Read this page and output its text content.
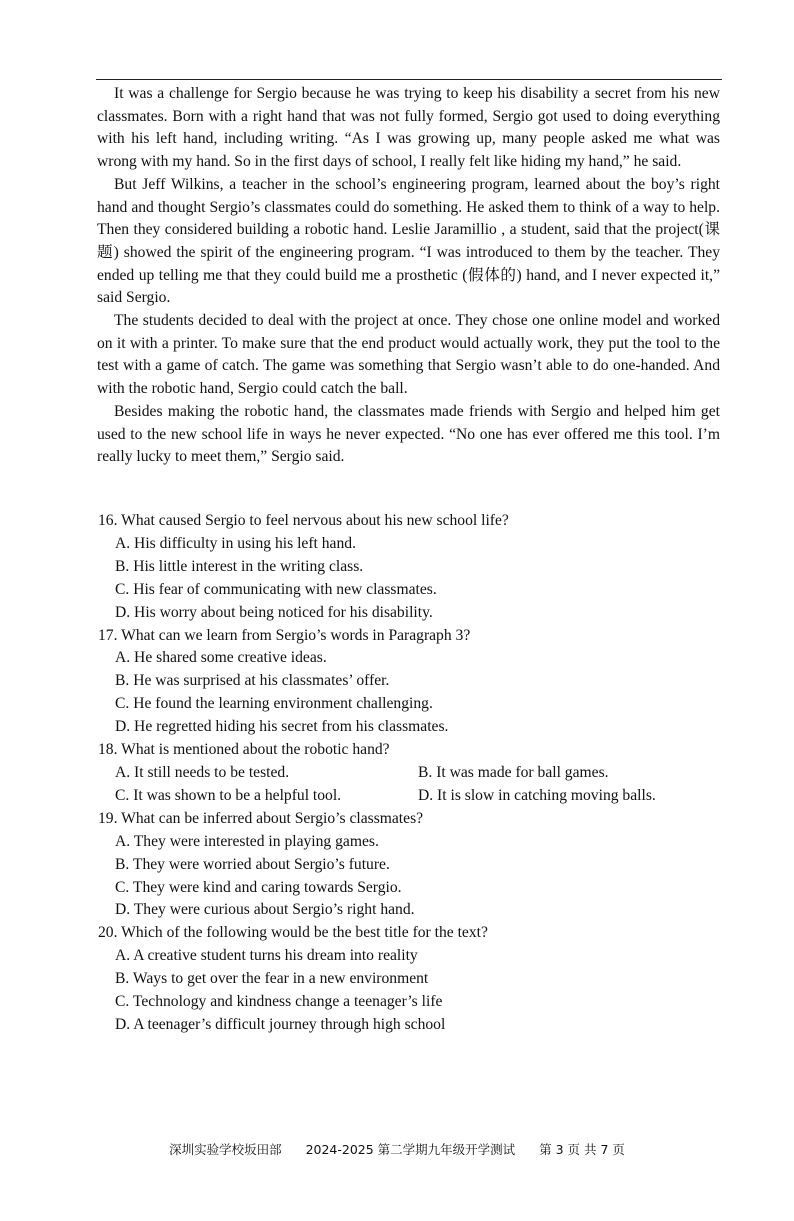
It was a challenge for Sergio because he was trying to keep his disability a secret from his new classmates. Born with a right hand that was not fully formed, Sergio got used to doing everything with his left hand, including writing. “As I was growing up, many people asked me what was wrong with my hand. So in the first days of school, I really felt like hiding my hand,” he said.

But Jeff Wilkins, a teacher in the school’s engineering program, learned about the boy’s right hand and thought Sergio’s classmates could do something. He asked them to think of a way to help. Then they considered building a robotic hand. Leslie Jaramillio , a student, said that the project(课题) showed the spirit of the engineering program. “I was introduced to them by the teacher. They ended up telling me that they could build me a prosthetic (假体的) hand, and I never expected it,” said Sergio.

The students decided to deal with the project at once. They chose one online model and worked on it with a printer. To make sure that the end product would actually work, they put the tool to the test with a game of catch. The game was something that Sergio wasn’t able to do one-handed. And with the robotic hand, Sergio could catch the ball.

Besides making the robotic hand, the classmates made friends with Sergio and helped him get used to the new school life in ways he never expected. “No one has ever offered me this tool. I’m really lucky to meet them,” Sergio said.

16. What caused Sergio to feel nervous about his new school life?

A. His difficulty in using his left hand.

B. His little interest in the writing class.

C. His fear of communicating with new classmates.

D. His worry about being noticed for his disability.

17. What can we learn from Sergio’s words in Paragraph 3?

A. He shared some creative ideas.

B. He was surprised at his classmates’ offer.

C. He found the learning environment challenging.

D. He regretted hiding his secret from his classmates.

18. What is mentioned about the robotic hand?

A. It still needs to be tested.	B. It was made for ball games.
C. It was shown to be a helpful tool.	D. It is slow in catching moving balls.

19. What can be inferred about Sergio’s classmates?

A. They were interested in playing games.

B. They were worried about Sergio’s future.

C. They were kind and caring towards Sergio.

D. They were curious about Sergio’s right hand.

20. Which of the following would be the best title for the text?

A. A creative student turns his dream into reality

B. Ways to get over the fear in a new environment

C. Technology and kindness change a teenager’s life

D. A teenager’s difficult journey through high school

深圳实验学校坂田部 2024-2025 第二学期九年级开学测试 第 3 页 共 7 页
